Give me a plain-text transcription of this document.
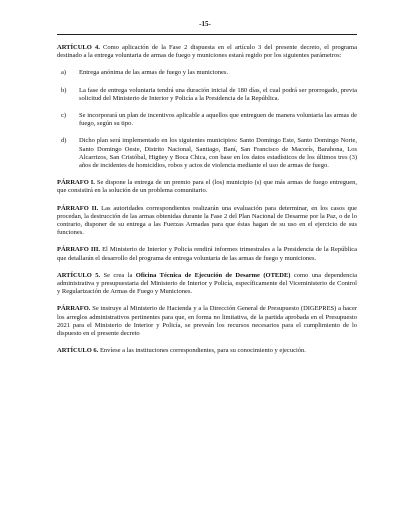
-15-

ARTÍCULO 4. Como aplicación de la Fase 2 dispuesta en el artículo 3 del presente decreto, el programa destinado a la entrega voluntaria de armas de fuego y municiones estará regido por los siguientes parámetros:

a)	Entrega anónima de las armas de fuego y las municiones.
b)	La fase de entrega voluntaria tendrá una duración inicial de 180 días, el cual podrá ser prorrogado, previa solicitud del Ministerio de Interior y Policía a la Presidencia de la República.
c)	Se incorporará un plan de incentivos aplicable a aquellos que entreguen de manera voluntaria las armas de fuego, según su tipo.
d)	Dicho plan será implementado en los siguientes municipios: Santo Domingo Este, Santo Domingo Norte, Santo Domingo Oeste, Distrito Nacional, Santiago, Baní, San Francisco de Macorís, Barahona, Los Alcarrizos, San Cristóbal, Higüey y Boca Chica, con base en los datos estadísticos de los últimos tres (3) años de incidentes de homicidios, robos y actos de violencia mediante el uso de armas de fuego.

PÁRRAFO I. Se dispone la entrega de un premio para el (los) municipio (s) que más armas de fuego entreguen, que consistirá en la solución de un problema comunitario.

PÁRRAFO II. Las autoridades correspondientes realizarán una evaluación para determinar, en los casos que procedan, la destrucción de las armas obtenidas durante la Fase 2 del Plan Nacional de Desarme por la Paz, o de lo contrario, disponer de su entrega a las Fuerzas Armadas para que éstas hagan de su uso en el ejercicio de sus funciones.

PÁRRAFO III. El Ministerio de Interior y Policía rendirá informes trimestrales a la Presidencia de la República que detallarán el desarrollo del programa de entrega voluntaria de las armas de fuego y municiones.

ARTÍCULO 5. Se crea la Oficina Técnica de Ejecución de Desarme (OTEDE) como una dependencia administrativa y presupuestaria del Ministerio de Interior y Policía, específicamente del Viceministerio de Control y Regularización de Armas de Fuego y Municiones.

PÁRRAFO. Se instruye al Ministerio de Hacienda y a la Dirección General de Presupuesto (DIGEPRES) a hacer los arreglos administrativos pertinentes para que, en forma no limitativa, de la partida aprobada en el Presupuesto 2021 para el Ministerio de Interior y Policía, se preveán los recursos necesarios para el cumplimiento de lo dispuesto en el presente decreto

ARTÍCULO 6. Envíese a las instituciones correspondientes, para su conocimiento y ejecución.
